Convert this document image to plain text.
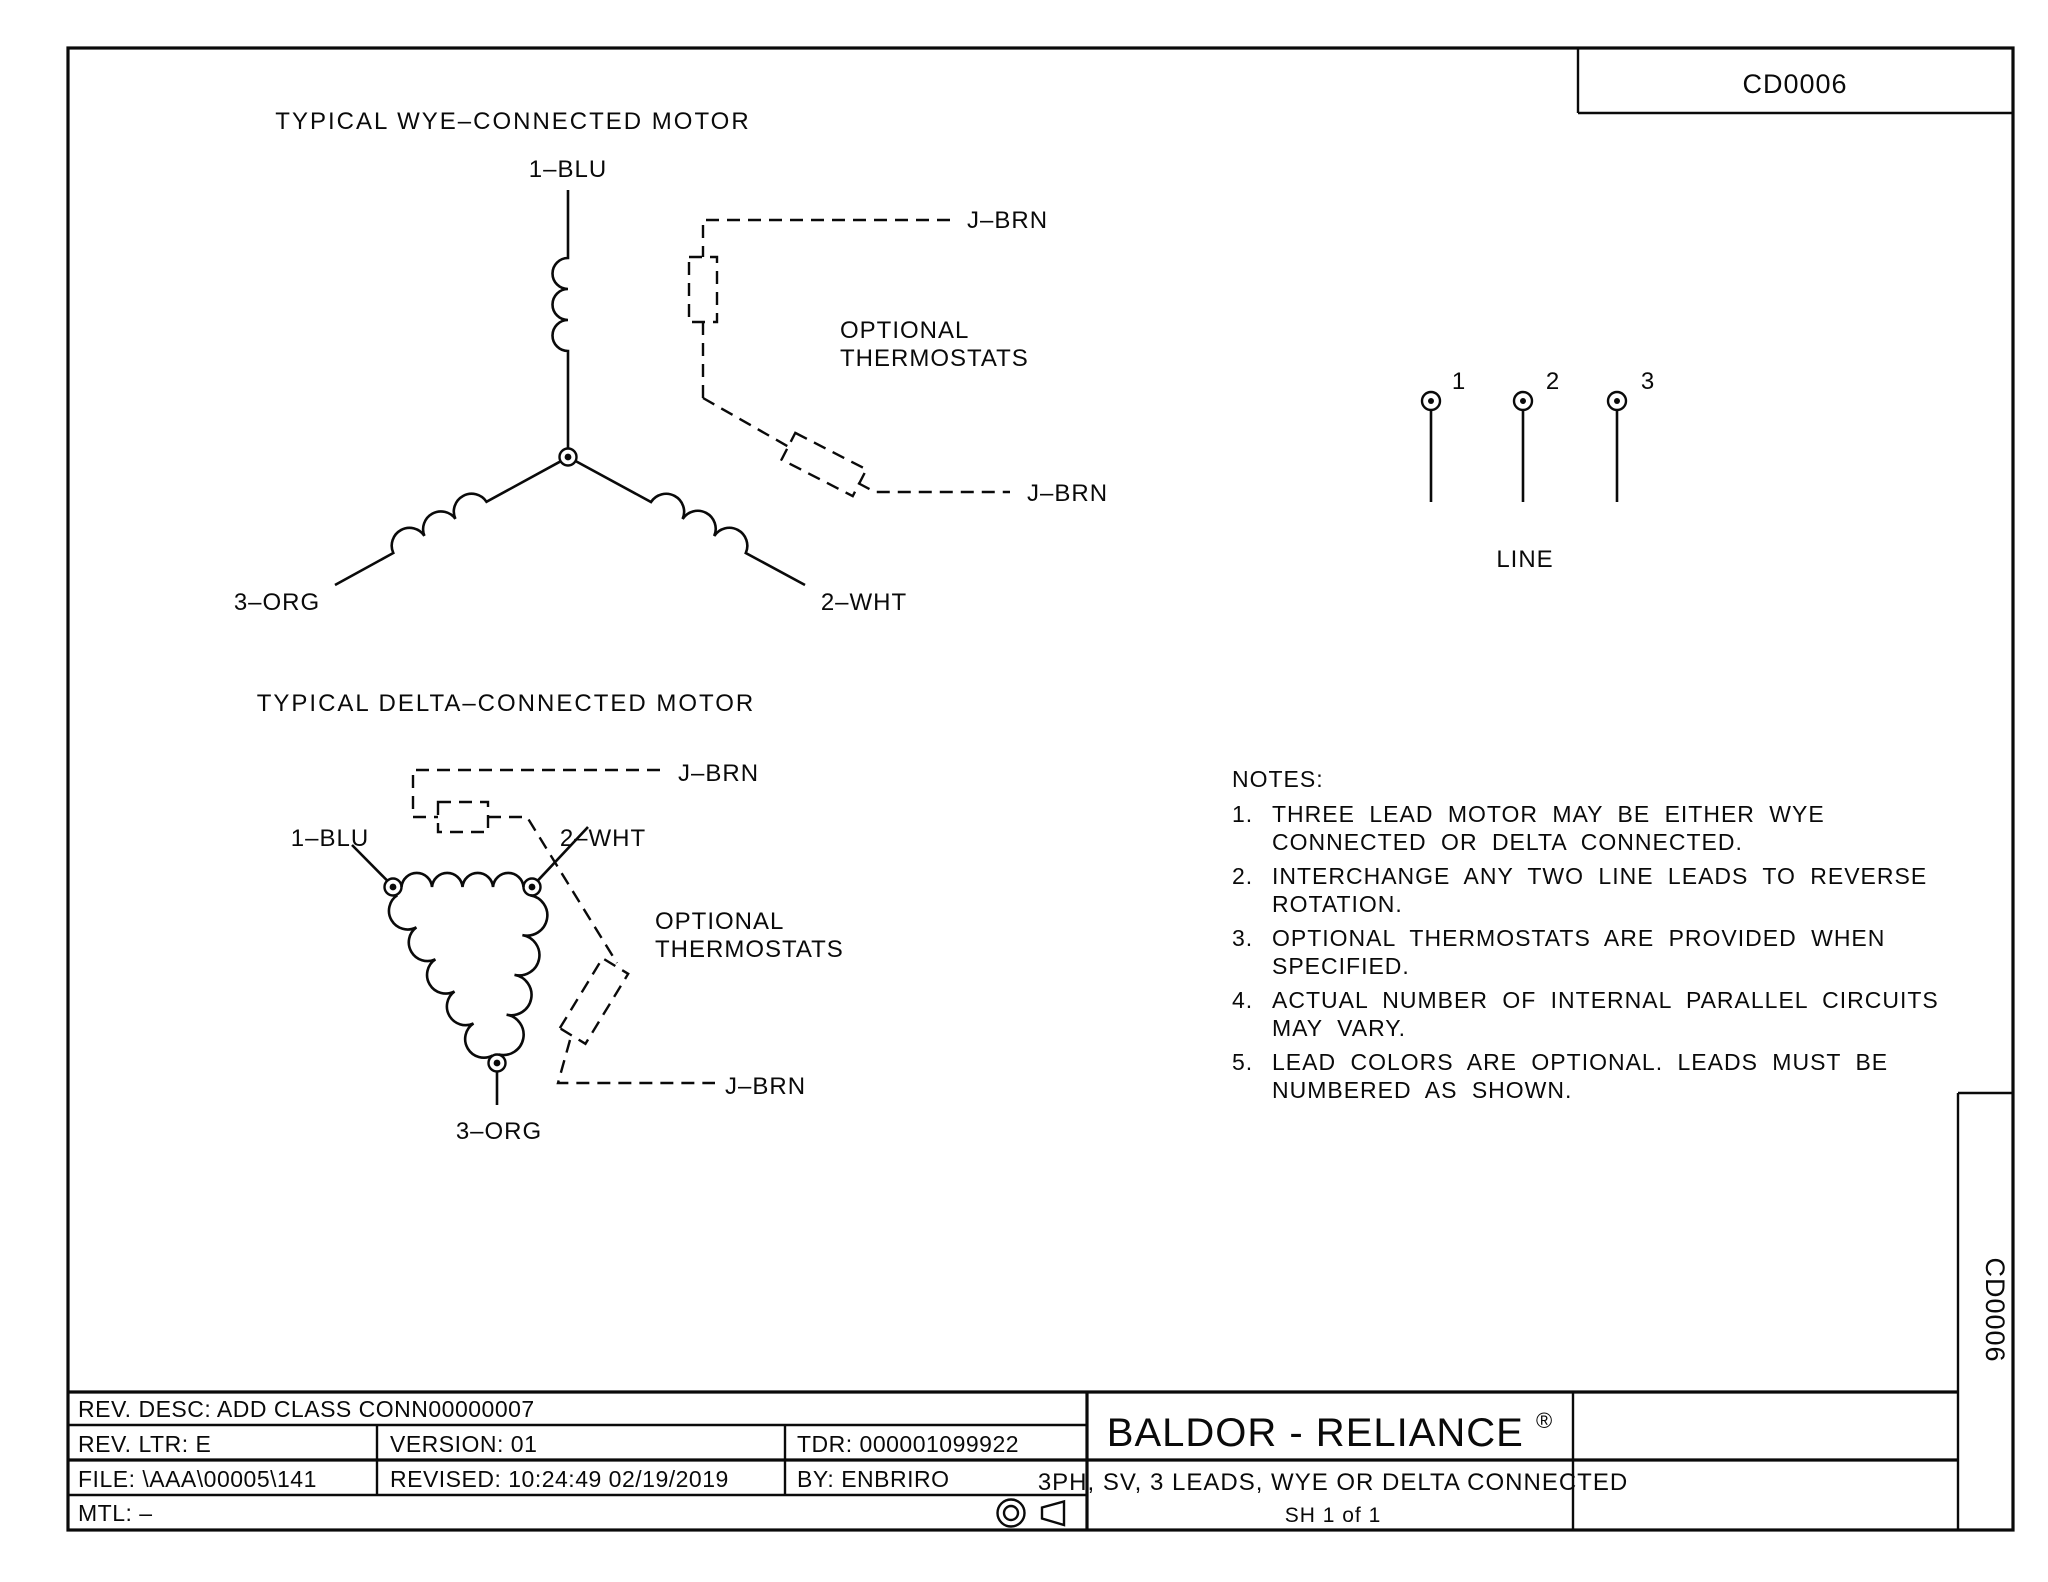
CD0006
CD0006
TYPICAL WYE–CONNECTED MOTOR
1–BLU
3–ORG	2–WHT
J–BRN
J–BRN
OPTIONAL
THERMOSTATS
TYPICAL DELTA–CONNECTED MOTOR
1–BLU	2–WHT
3–ORG
J–BRN
J–BRN
OPTIONAL
THERMOSTATS
1	2	3
LINE
NOTES:
1. THREE LEAD MOTOR MAY BE EITHER WYE
CONNECTED OR DELTA CONNECTED.
2. INTERCHANGE ANY TWO LINE LEADS TO REVERSE
ROTATION.
3. OPTIONAL THERMOSTATS ARE PROVIDED WHEN
SPECIFIED.
4. ACTUAL NUMBER OF INTERNAL PARALLEL CIRCUITS
MAY VARY.
5. LEAD COLORS ARE OPTIONAL. LEADS MUST BE
NUMBERED AS SHOWN.
REV. DESC: ADD CLASS CONN00000007
REV. LTR: E	VERSION: 01	TDR: 000001099922
FILE: \AAA\00005\141	REVISED: 10:24:49 02/19/2019	BY: ENBRIRO
MTL: –
BALDOR - RELIANCE ®
3PH, SV, 3 LEADS, WYE OR DELTA CONNECTED
SH 1 of 1
